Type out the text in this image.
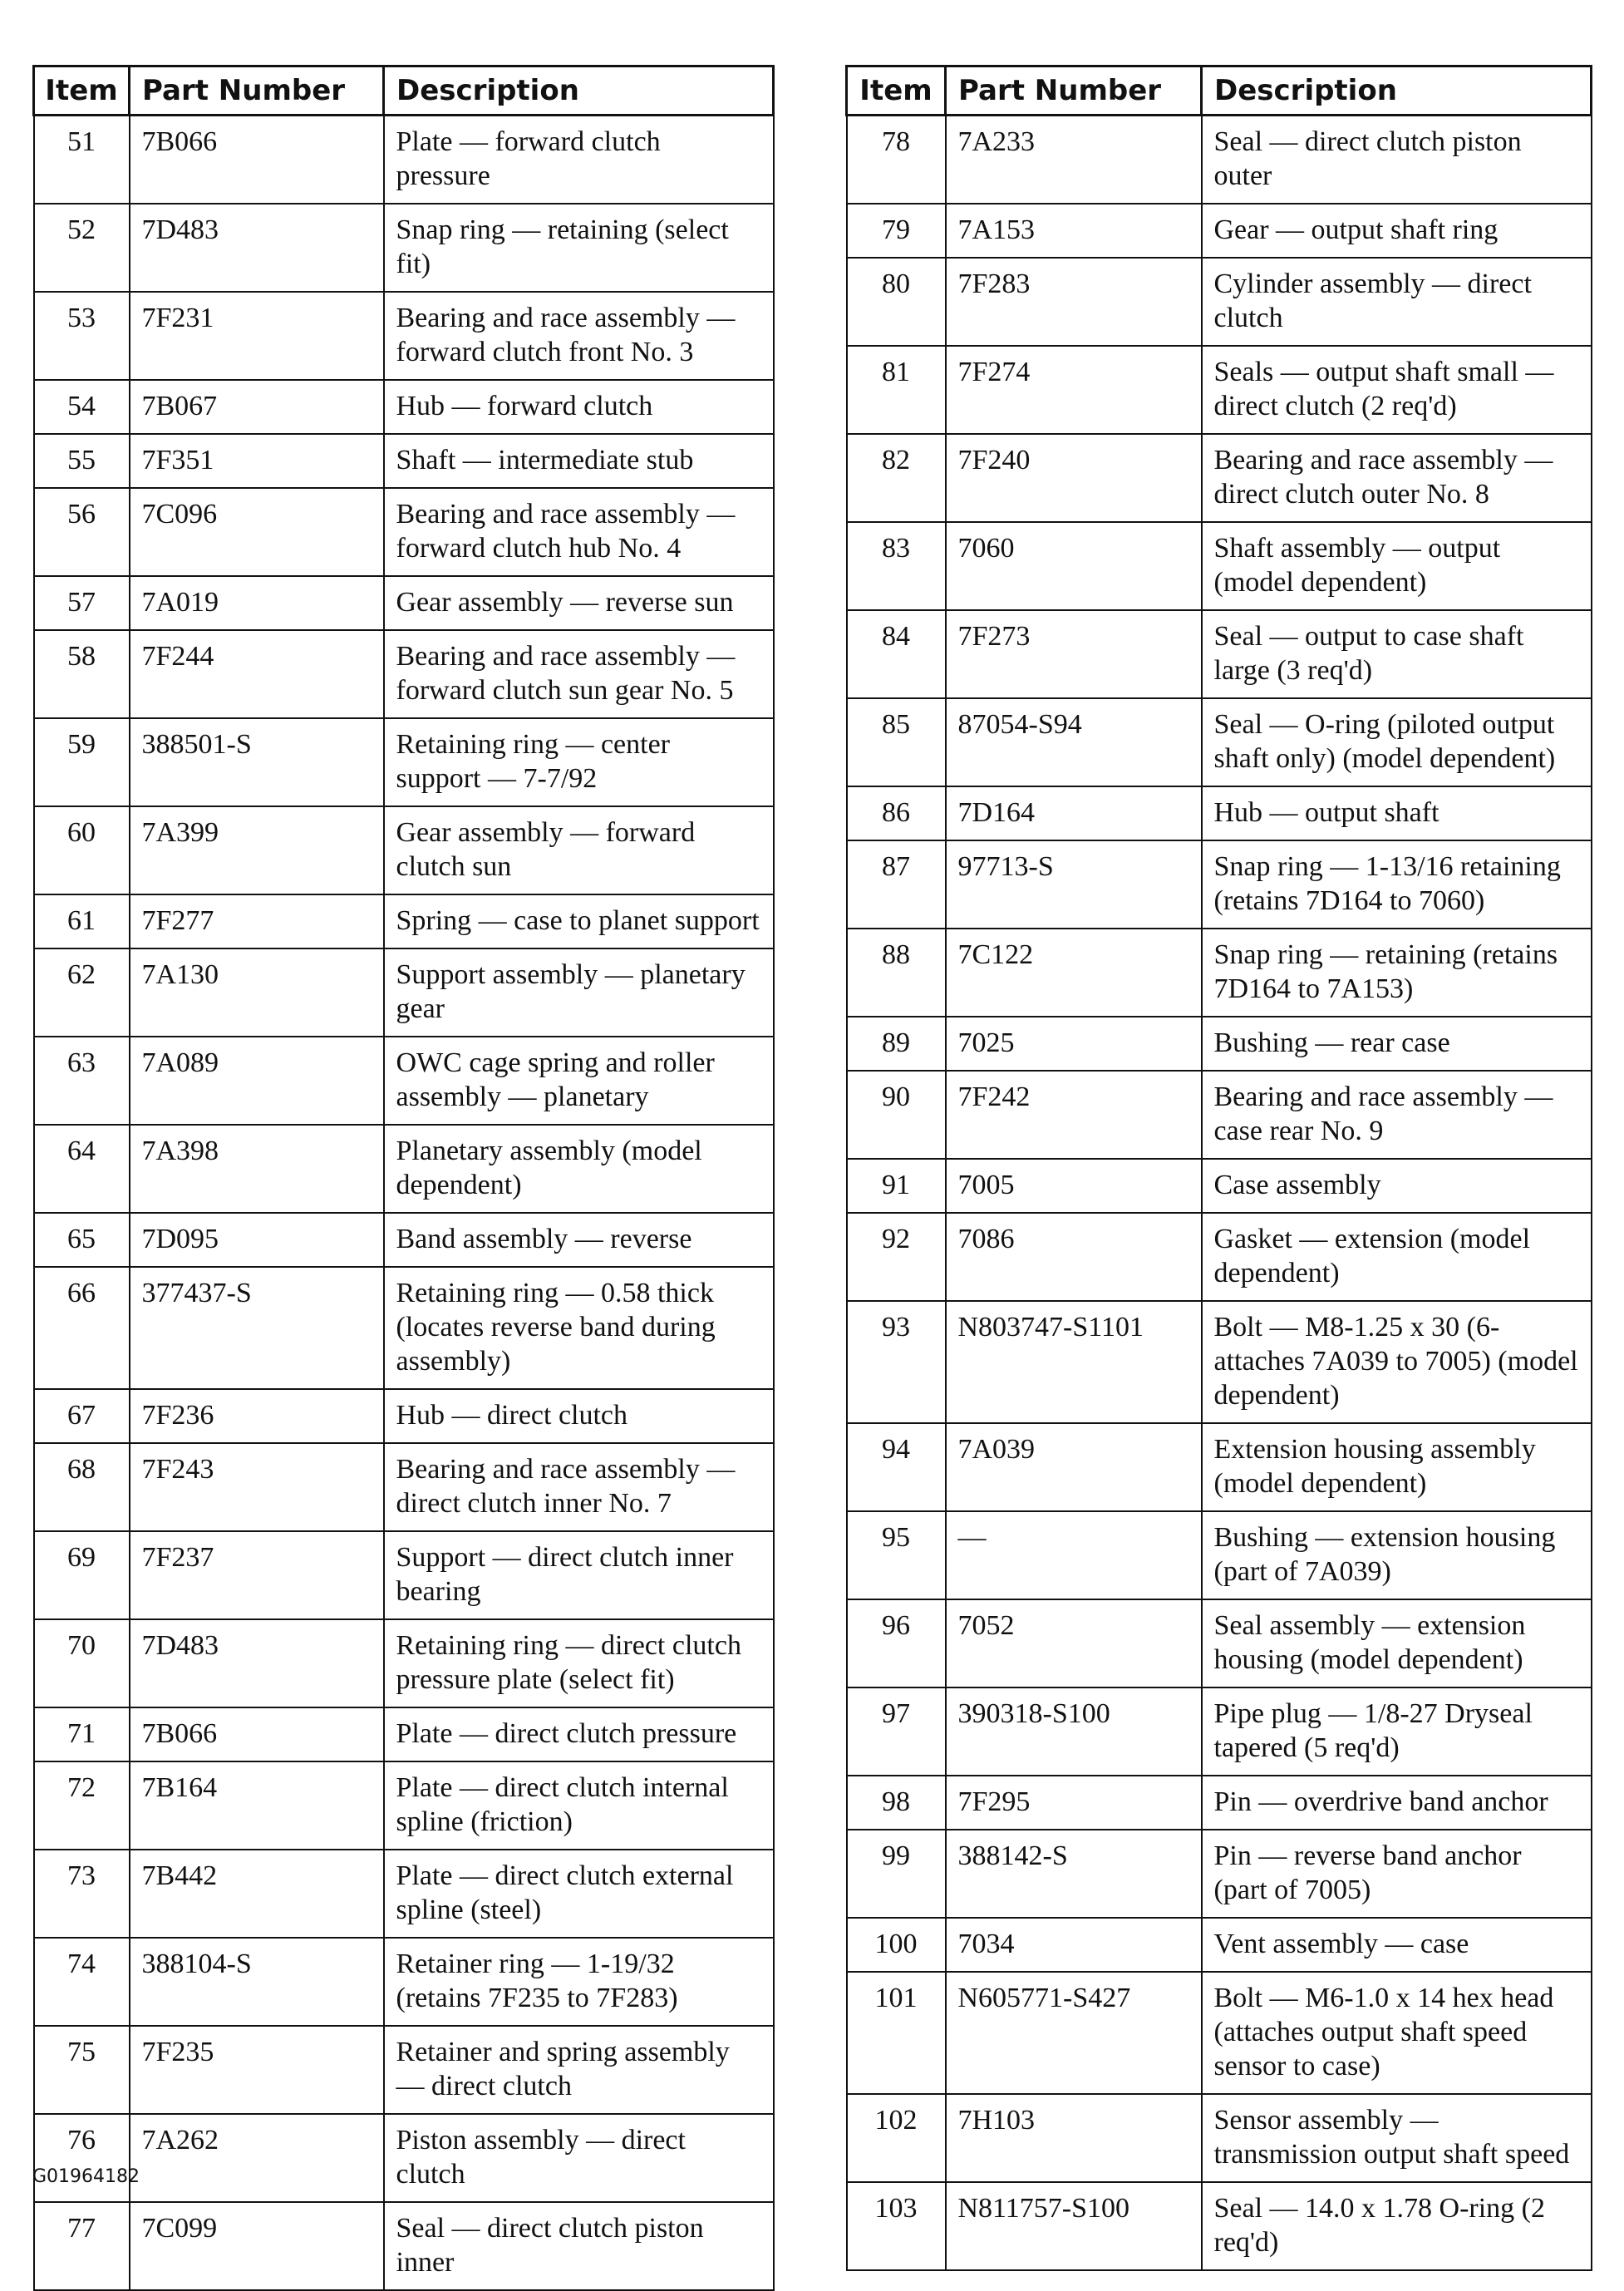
Item	Part Number	Description
51	7B066	Plate — forward clutch pressure
52	7D483	Snap ring — retaining (select fit)
53	7F231	Bearing and race assembly — forward clutch front No. 3
54	7B067	Hub — forward clutch
55	7F351	Shaft — intermediate stub
56	7C096	Bearing and race assembly — forward clutch hub No. 4
57	7A019	Gear assembly — reverse sun
58	7F244	Bearing and race assembly — forward clutch sun gear No. 5
59	388501-S	Retaining ring — center support — 7-7/92
60	7A399	Gear assembly — forward clutch sun
61	7F277	Spring — case to planet support
62	7A130	Support assembly — planetary gear
63	7A089	OWC cage spring and roller assembly — planetary
64	7A398	Planetary assembly (model dependent)
65	7D095	Band assembly — reverse
66	377437-S	Retaining ring — 0.58 thick (locates reverse band during assembly)
67	7F236	Hub — direct clutch
68	7F243	Bearing and race assembly — direct clutch inner No. 7
69	7F237	Support — direct clutch inner bearing
70	7D483	Retaining ring — direct clutch pressure plate (select fit)
71	7B066	Plate — direct clutch pressure
72	7B164	Plate — direct clutch internal spline (friction)
73	7B442	Plate — direct clutch external spline (steel)
74	388104-S	Retainer ring — 1-19/32 (retains 7F235 to 7F283)
75	7F235	Retainer and spring assembly — direct clutch
76	7A262	Piston assembly — direct clutch
77	7C099	Seal — direct clutch piston inner
Item	Part Number	Description
78	7A233	Seal — direct clutch piston outer
79	7A153	Gear — output shaft ring
80	7F283	Cylinder assembly — direct clutch
81	7F274	Seals — output shaft small — direct clutch (2 req'd)
82	7F240	Bearing and race assembly — direct clutch outer No. 8
83	7060	Shaft assembly — output (model dependent)
84	7F273	Seal — output to case shaft large (3 req'd)
85	87054-S94	Seal — O-ring (piloted output shaft only) (model dependent)
86	7D164	Hub — output shaft
87	97713-S	Snap ring — 1-13/16 retaining (retains 7D164 to 7060)
88	7C122	Snap ring — retaining (retains 7D164 to 7A153)
89	7025	Bushing — rear case
90	7F242	Bearing and race assembly — case rear No. 9
91	7005	Case assembly
92	7086	Gasket — extension (model dependent)
93	N803747-S1101	Bolt — M8-1.25 x 30 (6-attaches 7A039 to 7005) (model dependent)
94	7A039	Extension housing assembly (model dependent)
95	—	Bushing — extension housing (part of 7A039)
96	7052	Seal assembly — extension housing (model dependent)
97	390318-S100	Pipe plug — 1/8-27 Dryseal tapered (5 req'd)
98	7F295	Pin — overdrive band anchor
99	388142-S	Pin — reverse band anchor (part of 7005)
100	7034	Vent assembly — case
101	N605771-S427	Bolt — M6-1.0 x 14 hex head (attaches output shaft speed sensor to case)
102	7H103	Sensor assembly — transmission output shaft speed
103	N811757-S100	Seal — 14.0 x 1.78 O-ring (2 req'd)
G01964182
